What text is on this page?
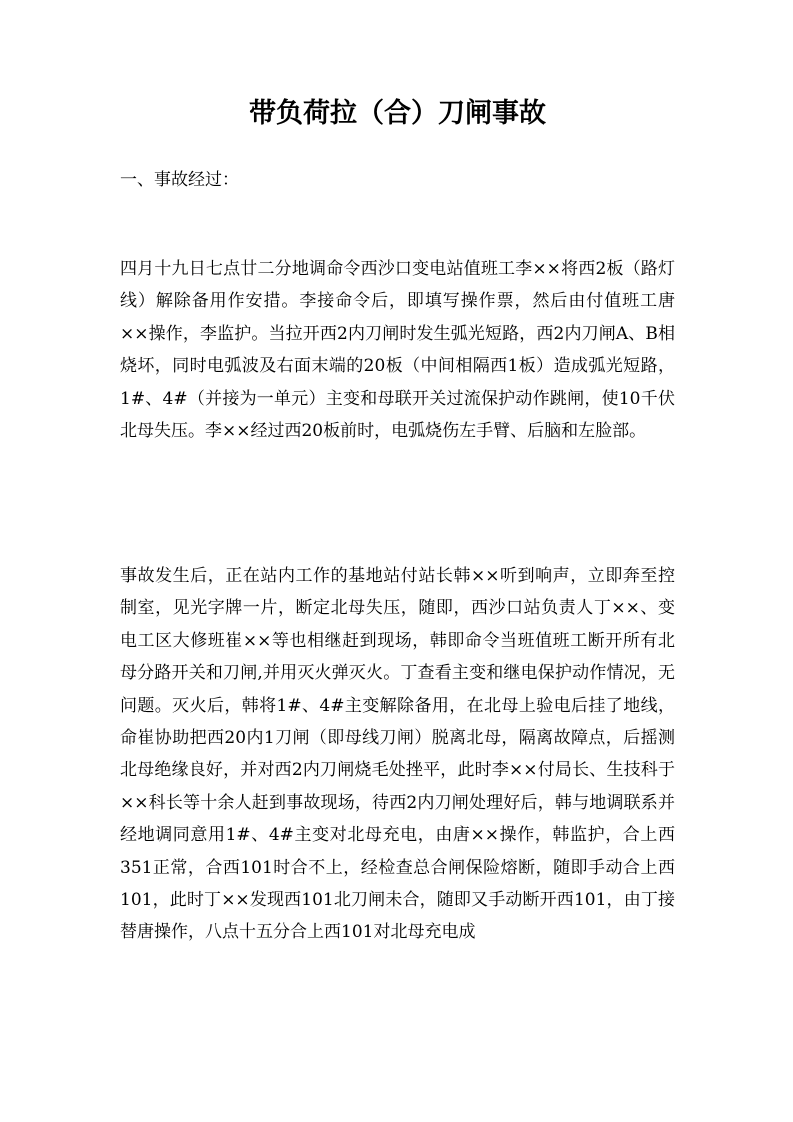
带负荷拉（合）刀闸事故

一、事故经过：

四月十九日七点廿二分地调命令西沙口变电站值班工李××将西2板（路灯线）解除备用作安措。李接命令后，即填写操作票，然后由付值班工唐××操作，李监护。当拉开西2内刀闸时发生弧光短路，西2内刀闸A、B相烧坏，同时电弧波及右面末端的20板（中间相隔西1板）造成弧光短路，1#、4#（并接为一单元）主变和母联开关过流保护动作跳闸，使10千伏北母失压。李××经过西20板前时，电弧烧伤左手臂、后脑和左脸部。

事故发生后，正在站内工作的基地站付站长韩××听到响声，立即奔至控制室，见光字牌一片，断定北母失压，随即，西沙口站负责人丁××、变电工区大修班崔××等也相继赶到现场，韩即命令当班值班工断开所有北母分路开关和刀闸,并用灭火弹灭火。丁查看主变和继电保护动作情况，无问题。灭火后，韩将1#、4#主变解除备用，在北母上验电后挂了地线，命崔协助把西20内1刀闸（即母线刀闸）脱离北母，隔离故障点，后摇测北母绝缘良好，并对西2内刀闸烧毛处挫平，此时李××付局长、生技科于××科长等十余人赶到事故现场，待西2内刀闸处理好后，韩与地调联系并经地调同意用1#、4#主变对北母充电，由唐××操作，韩监护，合上西351正常，合西101时合不上，经检查总合闸保险熔断，随即手动合上西101，此时丁××发现西101北刀闸未合，随即又手动断开西101，由丁接替唐操作，八点十五分合上西101对北母充电成
